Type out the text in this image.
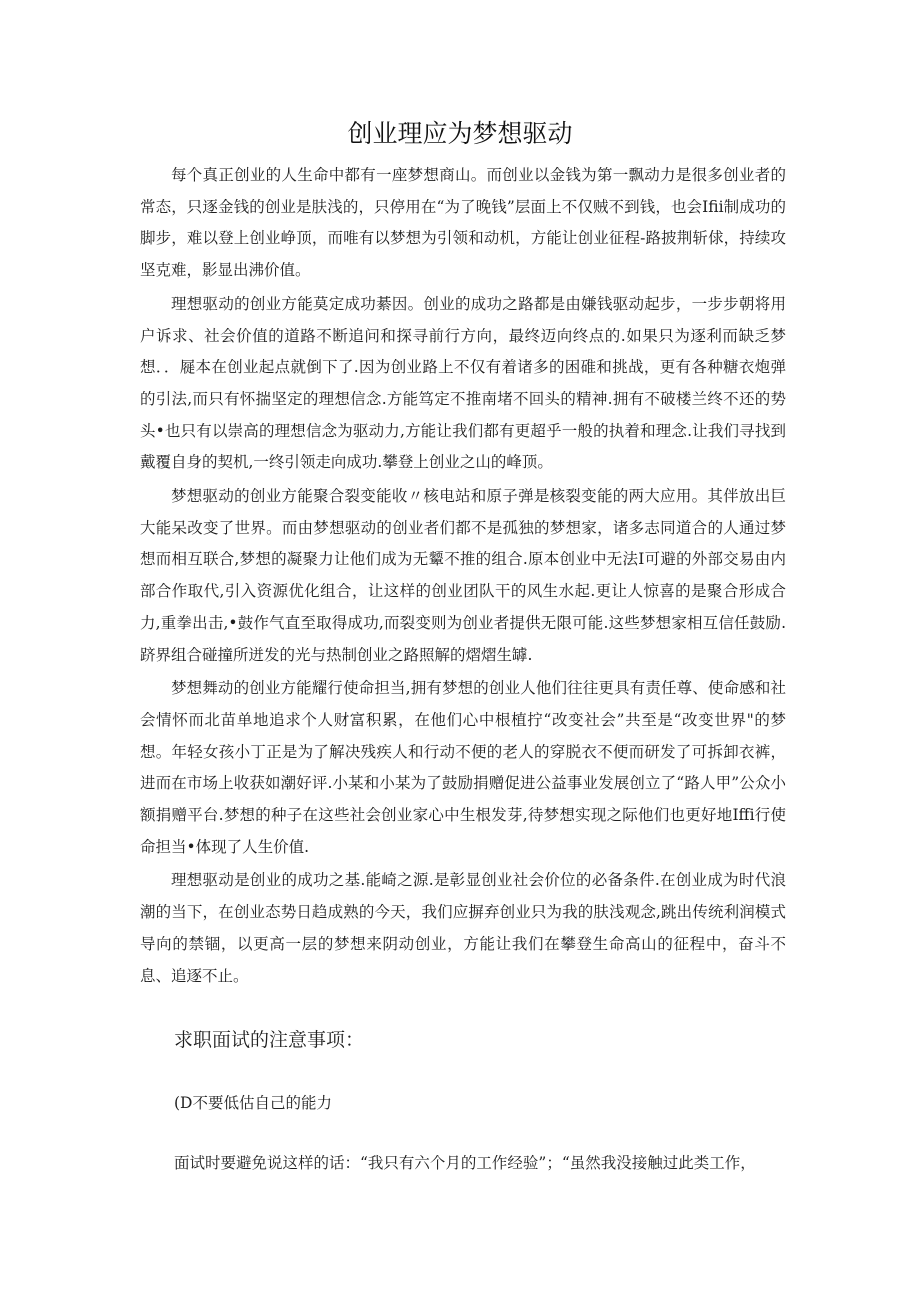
创业理应为梦想驱动

每个真正创业的人生命中都有一座梦想商山。而创业以金钱为第一飘动力是很多创业者的常态，只逐金钱的创业是肤浅的，只停用在“为了晚钱”层面上不仅贼不到钱，也会Ifii制成功的脚步，难以登上创业峥顶，而唯有以梦想为引领和动机，方能让创业征程-路披荆斩俅，持续攻坚克难，影显出沸价值。

理想驱动的创业方能莫定成功綦因。创业的成功之路都是由嫌钱驱动起步，一步步朝将用户诉求、社会价值的道路不断追问和探寻前行方向，最终迈向终点的.如果只为逐利而缺乏梦想．．屣本在创业起点就倒下了.因为创业路上不仅有着诸多的困碓和挑战，更有各种糖衣炮弹的引法,而只有怀揣坚定的理想信念.方能笃定不推南堵不回头的精神.拥有不破楼兰终不还的势头•也只有以崇高的理想信念为驱动力,方能让我们都有更超乎一般的执着和理念.让我们寻找到戴覆自身的契机,一终引领走向成功.攀登上创业之山的峰顶。

梦想驱动的创业方能聚合裂变能收〃核电站和原子弹是核裂变能的两大应用。其伴放出巨大能呆改变了世界。而由梦想驱动的创业者们都不是孤独的梦想家，诸多志同道合的人通过梦想而相互联合,梦想的凝聚力让他们成为无颦不推的组合.原本创业中无法I可避的外部交易由内部合作取代,引入资源优化组合，让这样的创业团队干的风生水起.更让人惊喜的是聚合形成合力,重拳出击,•鼓作气直至取得成功,而裂变则为创业者提供无限可能.这些梦想家相互信任鼓励.跻界组合碰撞所迸发的光与热制创业之路照解的熠熠生罅.

梦想舞动的创业方能耀行使命担当,拥有梦想的创业人他们往往更具有责任尊、使命感和社会情怀而北苗单地追求个人财富积累，在他们心中根植拧“改变社会”共至是“改变世界"的梦想。年轻女孩小丁正是为了解决残疾人和行动不便的老人的穿脱衣不便而研发了可拆卸衣裤，进而在市场上收获如潮好评.小某和小某为了鼓励捐赠促进公益事业发展创立了“路人甲”公众小额捐赠平台.梦想的种子在这些社会创业家心中生根发芽,待梦想实现之际他们也更好地Iffi行使命担当•体现了人生价值.

理想驱动是创业的成功之基.能崎之源.是彰显创业社会价位的必备条件.在创业成为时代浪潮的当下，在创业态势日趋成熟的今天，我们应摒弃创业只为我的肤浅观念,跳出传统利润模式导向的禁锢，以更高一层的梦想来阴动创业，方能让我们在攀登生命高山的征程中，奋斗不息、追逐不止。

求职面试的注意事项：

(D不要低估自己的能力

面试时要避免说这样的话：“我只有六个月的工作经验”；“虽然我没接触过此类工作，
